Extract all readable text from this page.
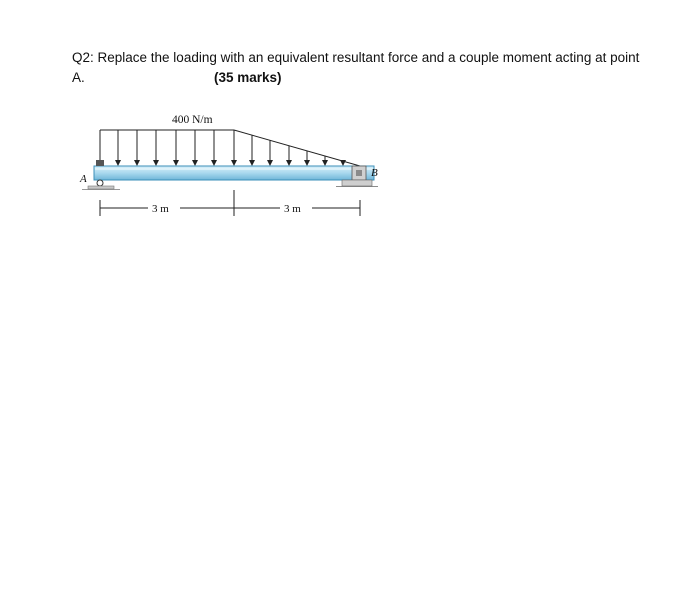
Q2: Replace the loading with an equivalent resultant force and a couple moment acting at point
A.	(35 marks)
400 N/m
A	B
3 m	3 m
